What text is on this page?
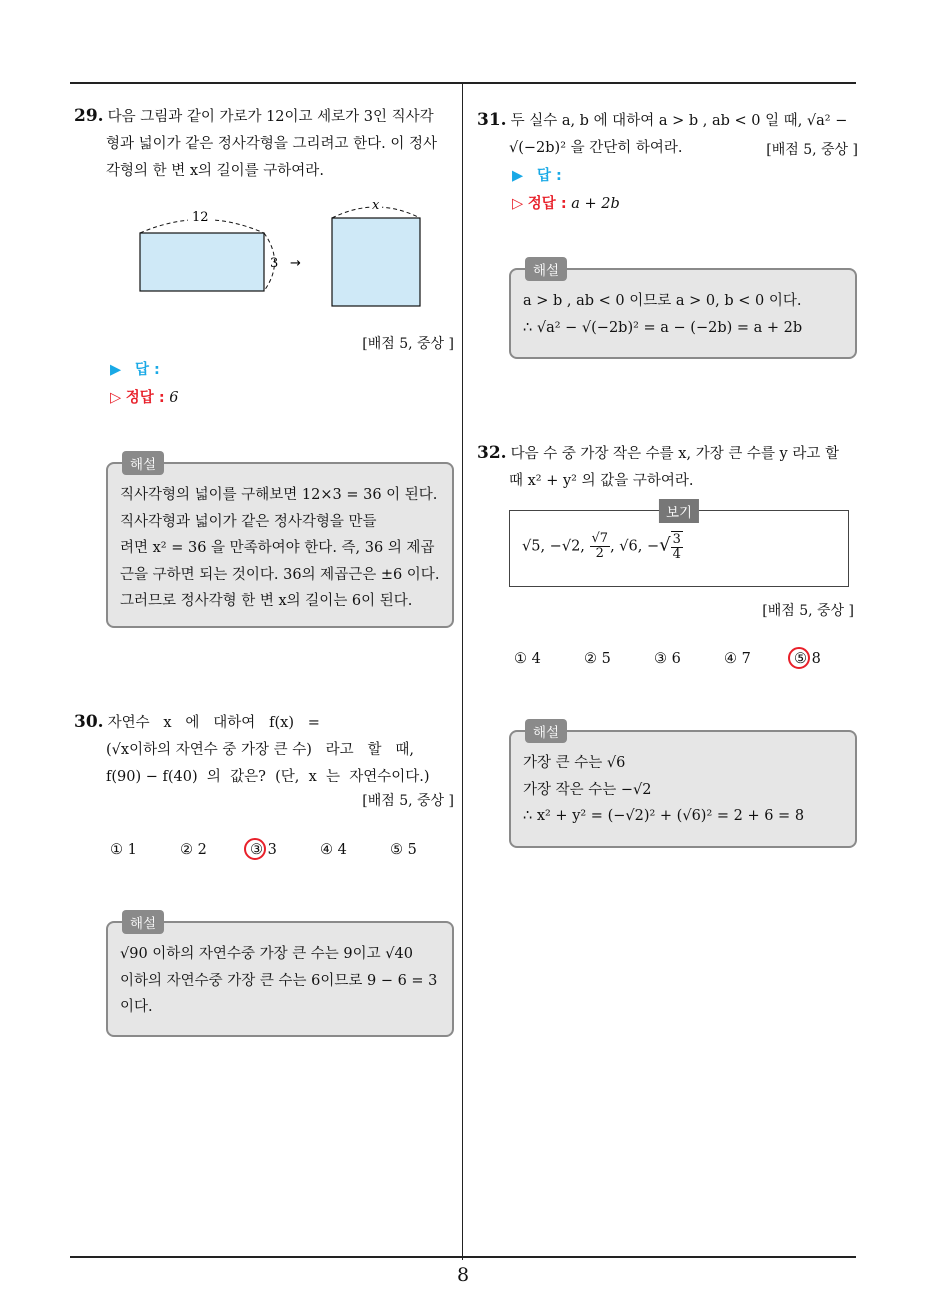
8
29. 다음 그림과 같이 가로가 12이고 세로가 3인 직사각
형과 넓이가 같은 정사각형을 그리려고 한다. 이 정사
각형의 한 변 x의 길이를 구하여라.
12
3 →
x
[배점 5, 중상 ]
▶ 답 :
▷ 정답 : 6
해설
직사각형의 넓이를 구해보면 12×3 = 36 이 된다.
직사각형과 넓이가 같은 정사각형을 만들
려면 x² = 36 을 만족하여야 한다. 즉, 36 의 제곱
근을 구하면 되는 것이다. 36의 제곱근은 ±6 이다.
그러므로 정사각형 한 변 x의 길이는 6이 된다.
30. 자연수   x   에   대하여   f(x)   =
(√x이하의 자연수 중 가장 큰 수)   라고   할   때,
f(90) − f(40)  의  값은?  (단,  x  는  자연수이다.)
[배점 5, 중상 ]
① 1	② 2	③ 3	④ 4	⑤ 5
해설
√90 이하의 자연수중 가장 큰 수는 9이고 √40
이하의 자연수중 가장 큰 수는 6이므로 9 − 6 = 3
이다.
31. 두 실수 a, b 에 대하여 a > b , ab < 0 일 때, √a² −
√(−2b)² 을 간단히 하여라.	[배점 5, 중상 ]
▶ 답 :
▷ 정답 : a + 2b
해설
a > b , ab < 0 이므로 a > 0, b < 0 이다.
∴ √a² − √(−2b)² = a − (−2b) = a + 2b
32. 다음 수 중 가장 작은 수를 x, 가장 큰 수를 y 라고 할
때 x² + y² 의 값을 구하여라.
보기
√5, −√2, $\frac{√7}{2}$ , √6, −√ $\frac{3}{4}$
[배점 5, 중상 ]
① 4	② 5	③ 6	④ 7	⑤ 8
해설
가장 큰 수는 √6
가장 작은 수는 −√2
∴ x² + y² = (−√2)² + (√6)² = 2 + 6 = 8
